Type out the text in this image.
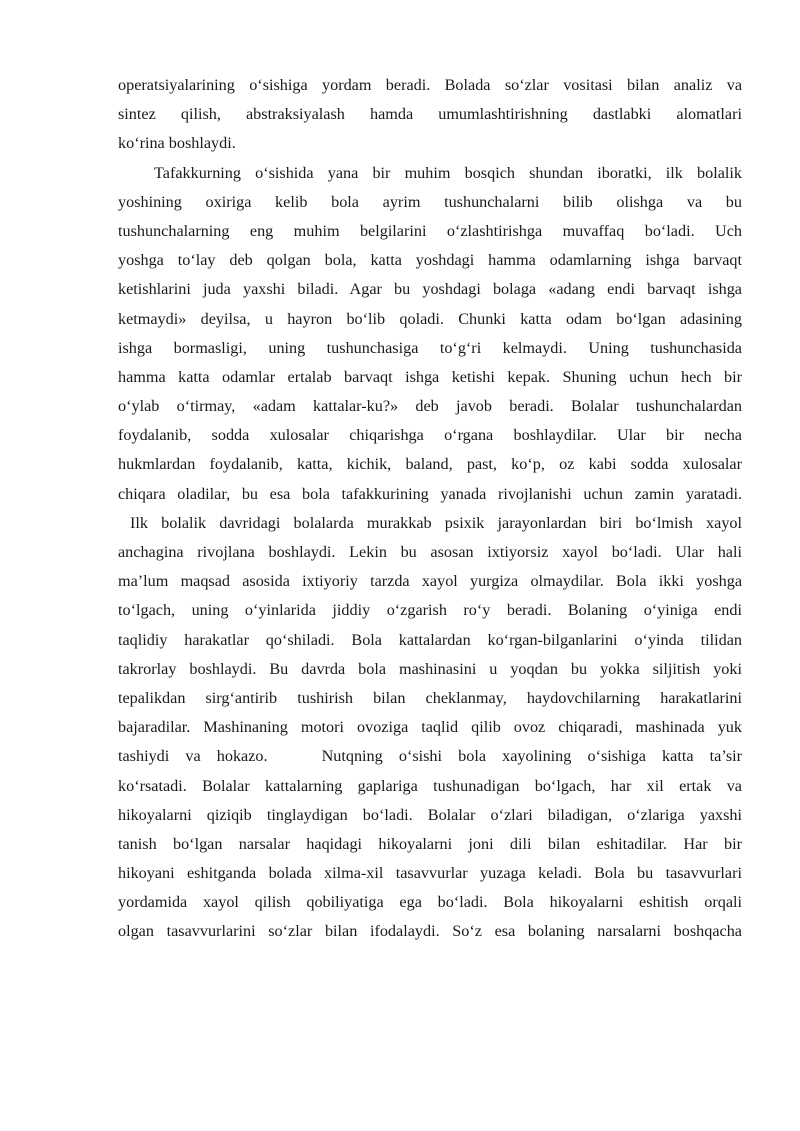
operatsiyalarining o‘sishiga yordam beradi. Bolada so‘zlar vositasi bilan analiz va
sintez qilish, abstraksiyalash hamda umumlashtirishning dastlabki alomatlari
ko‘rina boshlaydi.
Tafakkurning o‘sishida yana bir muhim bosqich shundan iboratki, ilk bolalik
yoshining oxiriga kelib bola ayrim tushunchalarni bilib olishga va bu
tushunchalarning eng muhim belgilarini o‘zlashtirishga muvaffaq bo‘ladi. Uch
yoshga to‘lay deb qolgan bola, katta yoshdagi hamma odamlarning ishga barvaqt
ketishlarini juda yaxshi biladi. Agar bu yoshdagi bolaga «adang endi barvaqt ishga
ketmaydi» deyilsa, u hayron bo‘lib qoladi. Chunki katta odam bo‘lgan adasining
ishga bormasligi, uning tushunchasiga to‘g‘ri kelmaydi. Uning tushunchasida
hamma katta odamlar ertalab barvaqt ishga ketishi kepak. Shuning uchun hech bir
o‘ylab o‘tirmay, «adam kattalar-ku?» deb javob beradi. Bolalar tushunchalardan
foydalanib, sodda xulosalar chiqarishga o‘rgana boshlaydilar. Ular bir necha
hukmlardan foydalanib, katta, kichik, baland, past, ko‘p, oz kabi sodda xulosalar
chiqara oladilar, bu esa bola tafakkurining yanada rivojlanishi uchun zamin yaratadi.
Ilk bolalik davridagi bolalarda murakkab psixik jarayonlardan biri bo‘lmish xayol
anchagina rivojlana boshlaydi. Lekin bu asosan ixtiyorsiz xayol bo‘ladi. Ular hali
ma’lum maqsad asosida ixtiyoriy tarzda xayol yurgiza olmaydilar. Bola ikki yoshga
to‘lgach, uning o‘yinlarida jiddiy o‘zgarish ro‘y beradi. Bolaning o‘yiniga endi
taqlidiy harakatlar qo‘shiladi. Bola kattalardan ko‘rgan-bilganlarini o‘yinda tilidan
takrorlay boshlaydi. Bu davrda bola mashinasini u yoqdan bu yokka siljitish yoki
tepalikdan sirg‘antirib tushirish bilan cheklanmay, haydovchilarning harakatlarini
bajaradilar. Mashinaning motori ovoziga taqlid qilib ovoz chiqaradi, mashinada yuk
tashiydi va hokazo.	Nutqning o‘sishi bola xayolining o‘sishiga katta ta’sir
ko‘rsatadi. Bolalar kattalarning gaplariga tushunadigan bo‘lgach, har xil ertak va
hikoyalarni qiziqib tinglaydigan bo‘ladi. Bolalar o‘zlari biladigan, o‘zlariga yaxshi
tanish bo‘lgan narsalar haqidagi hikoyalarni joni dili bilan eshitadilar. Har bir
hikoyani eshitganda bolada xilma-xil tasavvurlar yuzaga keladi. Bola bu tasavvurlari
yordamida xayol qilish qobiliyatiga ega bo‘ladi. Bola hikoyalarni eshitish orqali
olgan tasavvurlarini so‘zlar bilan ifodalaydi. So‘z esa bolaning narsalarni boshqacha
